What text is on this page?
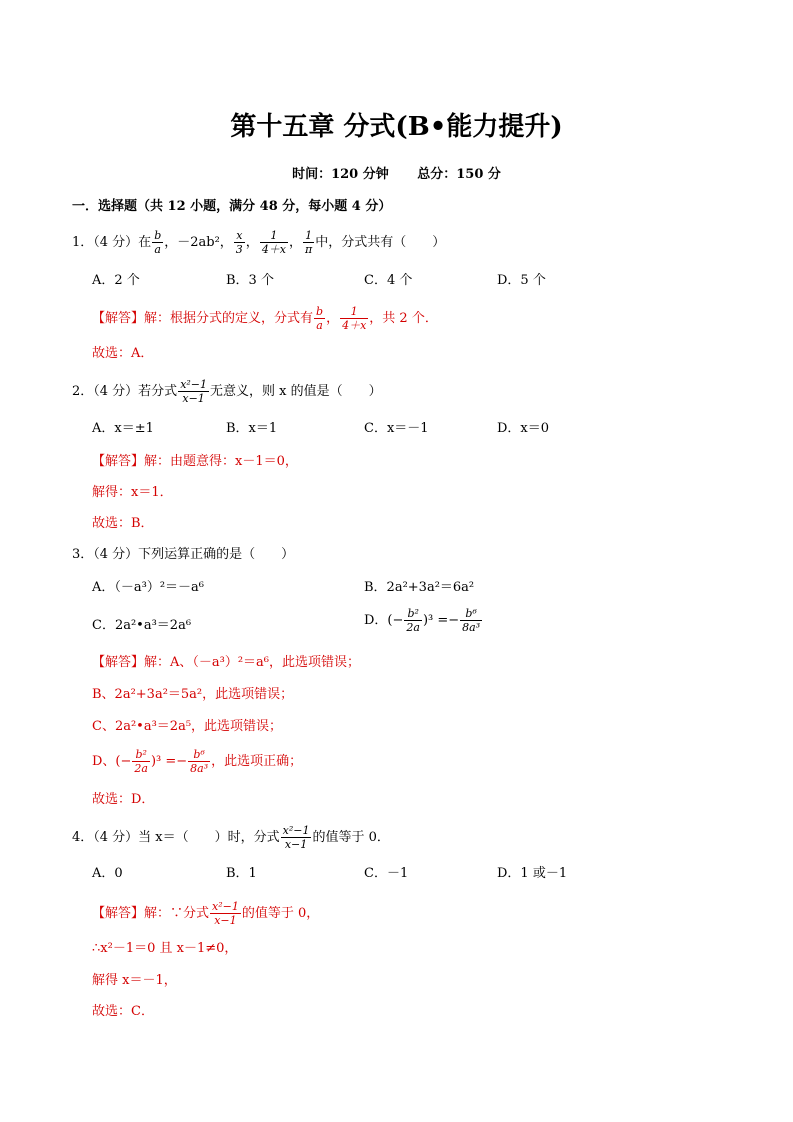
第十五章 分式(B•能力提升)
时间：120 分钟 总分：150 分
一．选择题（共 12 小题，满分 48 分，每小题 4 分）
1．（4 分）在 $\frac{b}{a}$ ，－2ab²， $\frac{x}{3}$ ， $\frac{1}{4+x}$ ， $\frac{1}{\pi}$ 中，分式共有（　　）
A．2 个	B．3 个	C．4 个	D．5 个
【解答】解：根据分式的定义，分式有 $\frac{b}{a}$ ， $\frac{1}{4+x}$ ，共 2 个．
故选：A．
2．（4 分）若分式 $\frac{\text{x²−1}}{x-1}$ 无意义，则 x 的值是（　　）
A．x＝±1	B．x＝1	C．x＝－1	D．x＝0
【解答】解：由题意得：x－1＝0，
解得：x＝1．
故选：B．
3．（4 分）下列运算正确的是（　　）
A．（－a³）²＝－a⁶	B．2a²+3a²＝6a²
C．2a²•a³＝2a⁶	D．(− $\frac{\text{b²}}{2a} )^3 =- \frac{\text{b⁶}}{\text{8a³}}$
【解答】解：A、（－a³）²＝a⁶，此选项错误；
B、2a²+3a²＝5a²，此选项错误；
C、2a²•a³＝2a⁵，此选项错误；
D、(− $\frac{\text{b²}}{2a} )^3 =- \frac{\text{b⁶}}{\text{8a³}}$ ，此选项正确；
故选：D．
4．（4 分）当 x＝（　　）时，分式 $\frac{\text{x²−1}}{x-1}$ 的值等于 0．
A．0	B．1	C．－1	D．1 或－1
【解答】解：∵分式 $\frac{\text{x²−1}}{x-1}$ 的值等于 0，
∴x²－1＝0 且 x－1≠0，
解得 x＝－1，
故选：C．
